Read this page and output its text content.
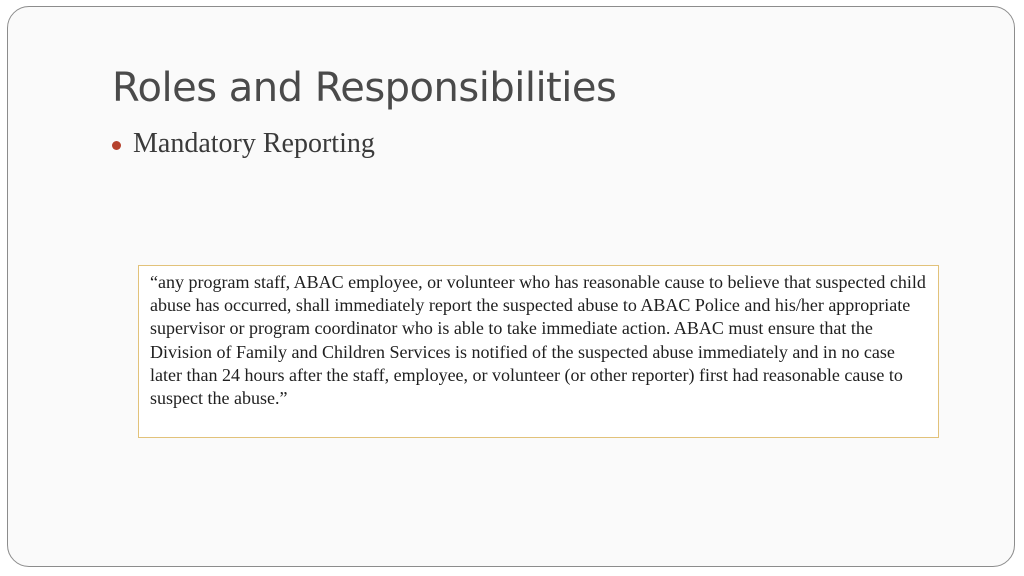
Roles and Responsibilities
Mandatory Reporting

“any program staff, ABAC employee, or volunteer who has reasonable cause to believe that suspected child abuse has occurred, shall immediately report the suspected abuse to ABAC Police and his/her appropriate supervisor or program coordinator who is able to take immediate action. ABAC must ensure that the Division of Family and Children Services is notified of the suspected abuse immediately and in no case later than 24 hours after the staff, employee, or volunteer (or other reporter) first had reasonable cause to suspect the abuse.”
